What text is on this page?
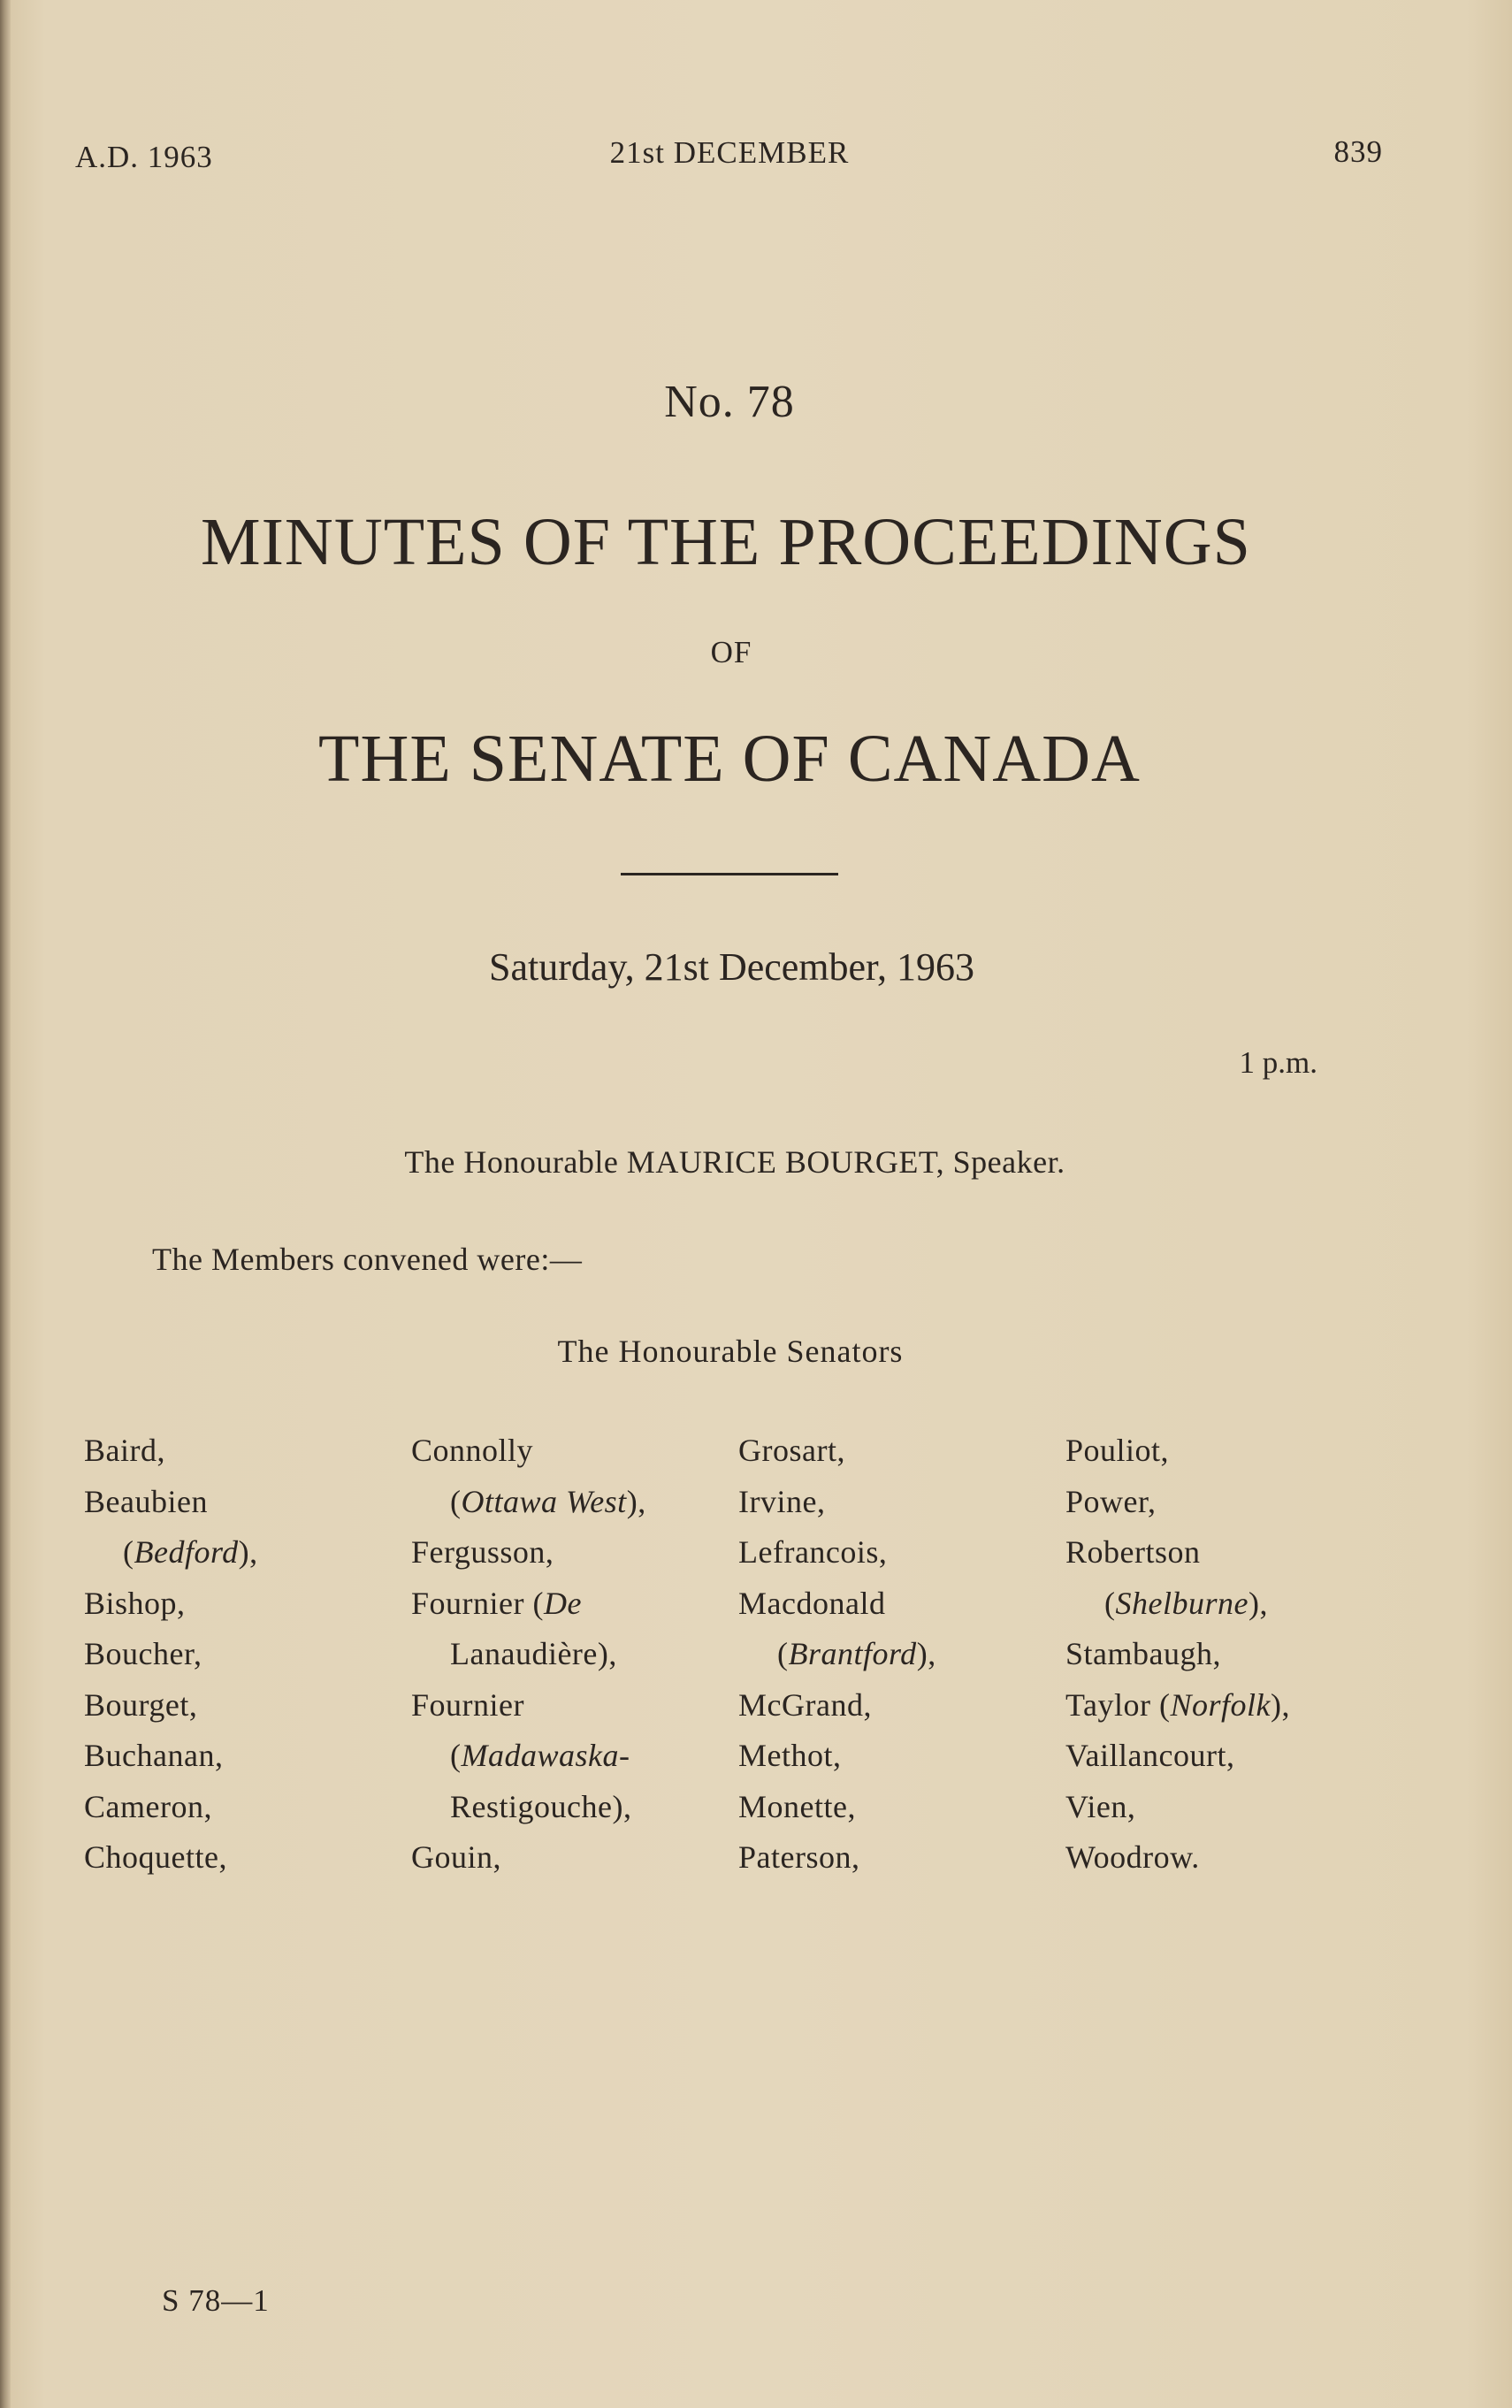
A.D. 1963	21st DECEMBER	839
No. 78
MINUTES OF THE PROCEEDINGS
OF
THE SENATE OF CANADA
Saturday, 21st December, 1963
1 p.m.
The Honourable MAURICE BOURGET, Speaker.
The Members convened were:—
The Honourable Senators
Baird,
Beaubien
(Bedford),
Bishop,
Boucher,
Bourget,
Buchanan,
Cameron,
Choquette,
Connolly
(Ottawa West),
Fergusson,
Fournier (De
Lanaudière),
Fournier
(Madawaska-
Restigouche),
Gouin,
Grosart,
Irvine,
Lefrancois,
Macdonald
(Brantford),
McGrand,
Methot,
Monette,
Paterson,
Pouliot,
Power,
Robertson
(Shelburne),
Stambaugh,
Taylor (Norfolk),
Vaillancourt,
Vien,
Woodrow.
S 78—1
